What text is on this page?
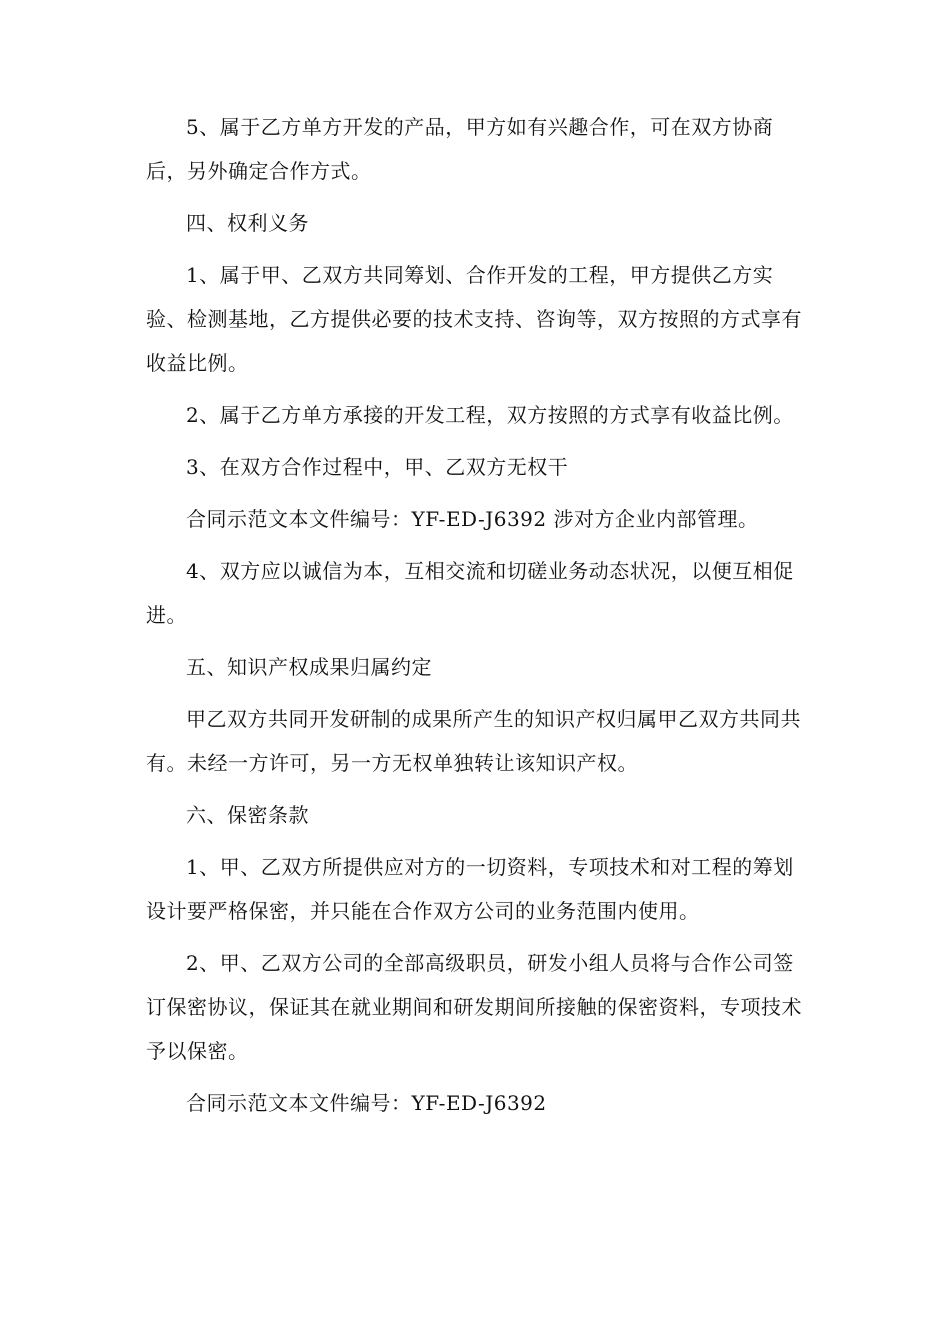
5、属于乙方单方开发的产品，甲方如有兴趣合作，可在双方协商后，另外确定合作方式。

四、权利义务

1、属于甲、乙双方共同筹划、合作开发的工程，甲方提供乙方实验、检测基地，乙方提供必要的技术支持、咨询等，双方按照的方式享有收益比例。

2、属于乙方单方承接的开发工程，双方按照的方式享有收益比例。

3、在双方合作过程中，甲、乙双方无权干

合同示范文本文件编号：YF-ED-J6392 涉对方企业内部管理。

4、双方应以诚信为本，互相交流和切磋业务动态状况，以便互相促进。

五、知识产权成果归属约定

甲乙双方共同开发研制的成果所产生的知识产权归属甲乙双方共同共有。未经一方许可，另一方无权单独转让该知识产权。

六、保密条款

1、甲、乙双方所提供应对方的一切资料，专项技术和对工程的筹划设计要严格保密，并只能在合作双方公司的业务范围内使用。

2、甲、乙双方公司的全部高级职员，研发小组人员将与合作公司签订保密协议，保证其在就业期间和研发期间所接触的保密资料，专项技术予以保密。

合同示范文本文件编号：YF-ED-J6392
